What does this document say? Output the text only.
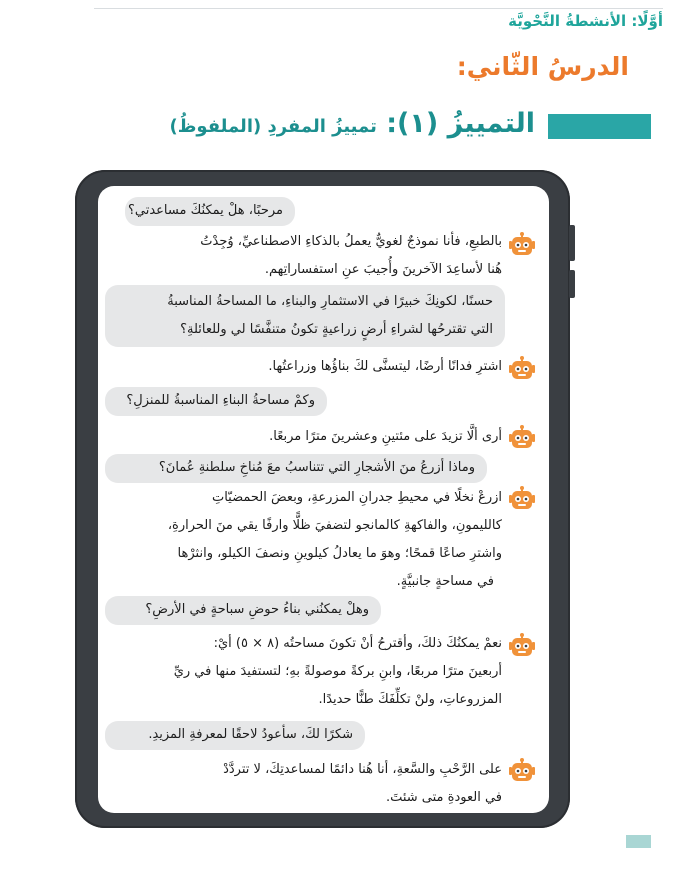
أوَّلًا: الأنشطةُ النَّحْويَّة
الدرسُ الثّاني:
التمييزُ (١): تمييزُ المفردِ (الملفوظُ)
مرحبًا، هلْ يمكنُكَ مساعدتي؟
بالطبعِ، فأنا نموذجٌ لغويٌّ يعملُ بالذكاءِ الاصطناعيِّ، وُجِدْتُ
هُنا لأساعِدَ الآخرينَ وأُجيبَ عنِ استفساراتِهم.
حسنًا، لكونِكَ خبيرًا في الاستثمارِ والبناءِ، ما المساحةُ المناسبةُ
التي تقترحُها لشراءِ أرضٍ زراعيةٍ تكونُ متنفَّسًا لي وللعائلةِ؟
اشترِ فدانًا أرضًا، ليتسنَّى لكَ بناؤُها وزراعتُها.
وكمْ مساحةُ البناءِ المناسبةُ للمنزلِ؟
أرى ألَّا تزيدَ على مئتينِ وعشرينَ مترًا مربعًا.
وماذا أزرعُ منَ الأشجارِ التي تتناسبُ معَ مُناخِ سلطنةِ عُمانَ؟
ازرعْ نخلًا في محيطِ جدرانِ المزرعةِ، وبعضَ الحمضيّاتِ
كالليمونِ، والفاكهةِ كالمانجو لتضفيَ ظلًّا وارفًا يقي منَ الحرارةِ،
واشترِ صاعًا قمحًا؛ وهوَ ما يعادلُ كيلوينِ ونصفَ الكيلو، وانثرْها
في مساحةٍ جانبيَّةٍ.
وهلْ يمكنُني بناءُ حوضِ سباحةٍ في الأرضِ؟
نعمْ يمكنُكَ ذلكَ، وأقترحُ أنْ تكونَ مساحتُه (٨ × ٥) أيْ:
أربعينَ مترًا مربعًا، وابنِ بركةً موصولةً بهِ؛ لتستفيدَ منها في ريِّ
المزروعاتِ، ولنْ تكلِّفَكَ طنًّا حديدًا.
شكرًا لكَ، سأعودُ لاحقًا لمعرفةِ المزيدِ.
على الرَّحْبِ والسَّعةِ، أنا هُنا دائمًا لمساعدتِكَ، لا تتردَّدْ
في العودةِ متى شئتَ.
